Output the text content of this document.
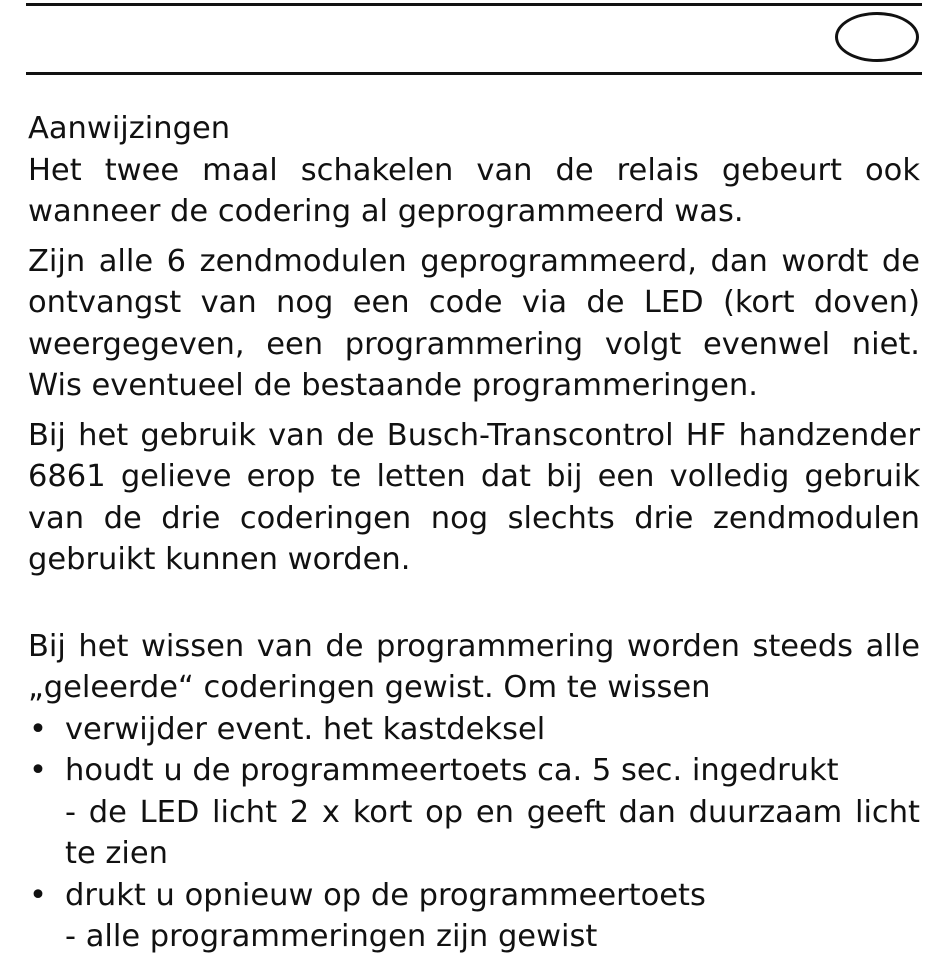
Aanwijzingen

Het twee maal schakelen van de relais gebeurt ook wanneer de codering al geprogrammeerd was.

Zijn alle 6 zendmodulen geprogrammeerd, dan wordt de ontvangst van nog een code via de LED (kort doven) weergegeven, een programmering volgt evenwel niet. Wis eventueel de bestaande programmeringen.

Bij het gebruik van de Busch-Transcontrol HF handzender 6861 gelieve erop te letten dat bij een volledig gebruik van de drie coderingen nog slechts drie zendmodulen gebruikt kunnen worden.

Bij het wissen van de programmering worden steeds alle „geleerde“ coderingen gewist. Om te wissen

• verwijder event. het kastdeksel
• houdt u de programmeertoets ca. 5 sec. ingedrukt
- de LED licht 2 x kort op en geeft dan duurzaam licht te zien
• drukt u opnieuw op de programmeertoets
- alle programmeringen zijn gewist
